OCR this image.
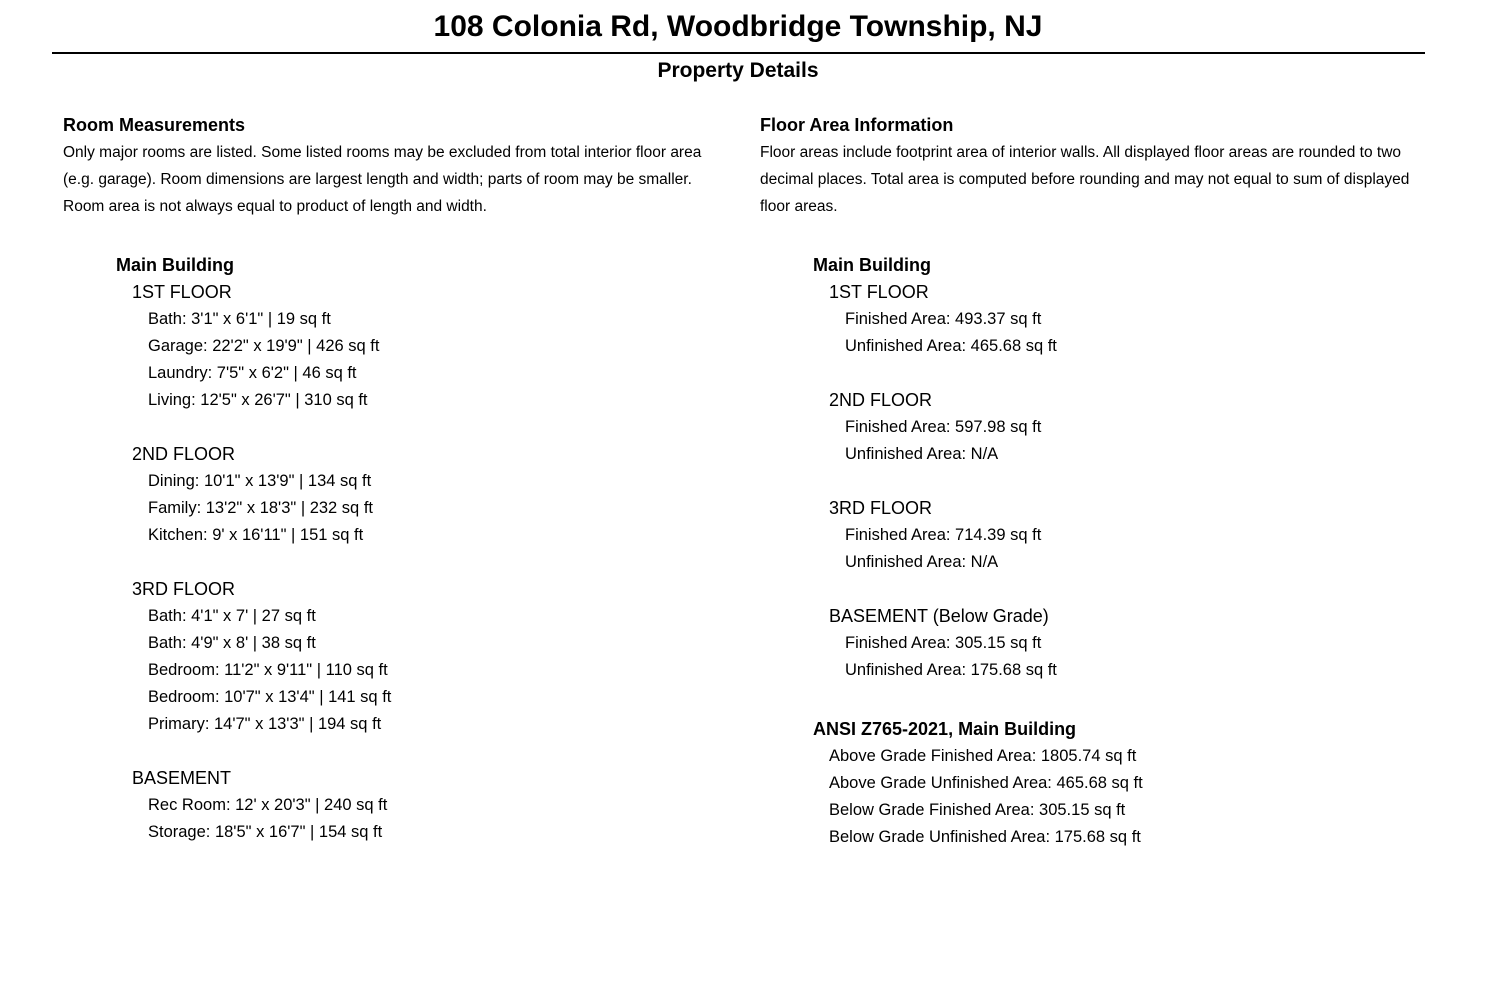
108 Colonia Rd, Woodbridge Township, NJ
Property Details
Room Measurements
Only major rooms are listed. Some listed rooms may be excluded from total interior floor area (e.g. garage). Room dimensions are largest length and width; parts of room may be smaller. Room area is not always equal to product of length and width.
Main Building
1ST FLOOR
Bath: 3'1" x 6'1" | 19 sq ft
Garage: 22'2" x 19'9" | 426 sq ft
Laundry: 7'5" x 6'2" | 46 sq ft
Living: 12'5" x 26'7" | 310 sq ft
2ND FLOOR
Dining: 10'1" x 13'9" | 134 sq ft
Family: 13'2" x 18'3" | 232 sq ft
Kitchen: 9' x 16'11" | 151 sq ft
3RD FLOOR
Bath: 4'1" x 7' | 27 sq ft
Bath: 4'9" x 8' | 38 sq ft
Bedroom: 11'2" x 9'11" | 110 sq ft
Bedroom: 10'7" x 13'4" | 141 sq ft
Primary: 14'7" x 13'3" | 194 sq ft
BASEMENT
Rec Room: 12' x 20'3" | 240 sq ft
Storage: 18'5" x 16'7" | 154 sq ft
Floor Area Information
Floor areas include footprint area of interior walls. All displayed floor areas are rounded to two decimal places. Total area is computed before rounding and may not equal to sum of displayed floor areas.
Main Building
1ST FLOOR
Finished Area: 493.37 sq ft
Unfinished Area: 465.68 sq ft
2ND FLOOR
Finished Area: 597.98 sq ft
Unfinished Area: N/A
3RD FLOOR
Finished Area: 714.39 sq ft
Unfinished Area: N/A
BASEMENT (Below Grade)
Finished Area: 305.15 sq ft
Unfinished Area: 175.68 sq ft
ANSI Z765-2021, Main Building
Above Grade Finished Area: 1805.74 sq ft
Above Grade Unfinished Area: 465.68 sq ft
Below Grade Finished Area: 305.15 sq ft
Below Grade Unfinished Area: 175.68 sq ft
